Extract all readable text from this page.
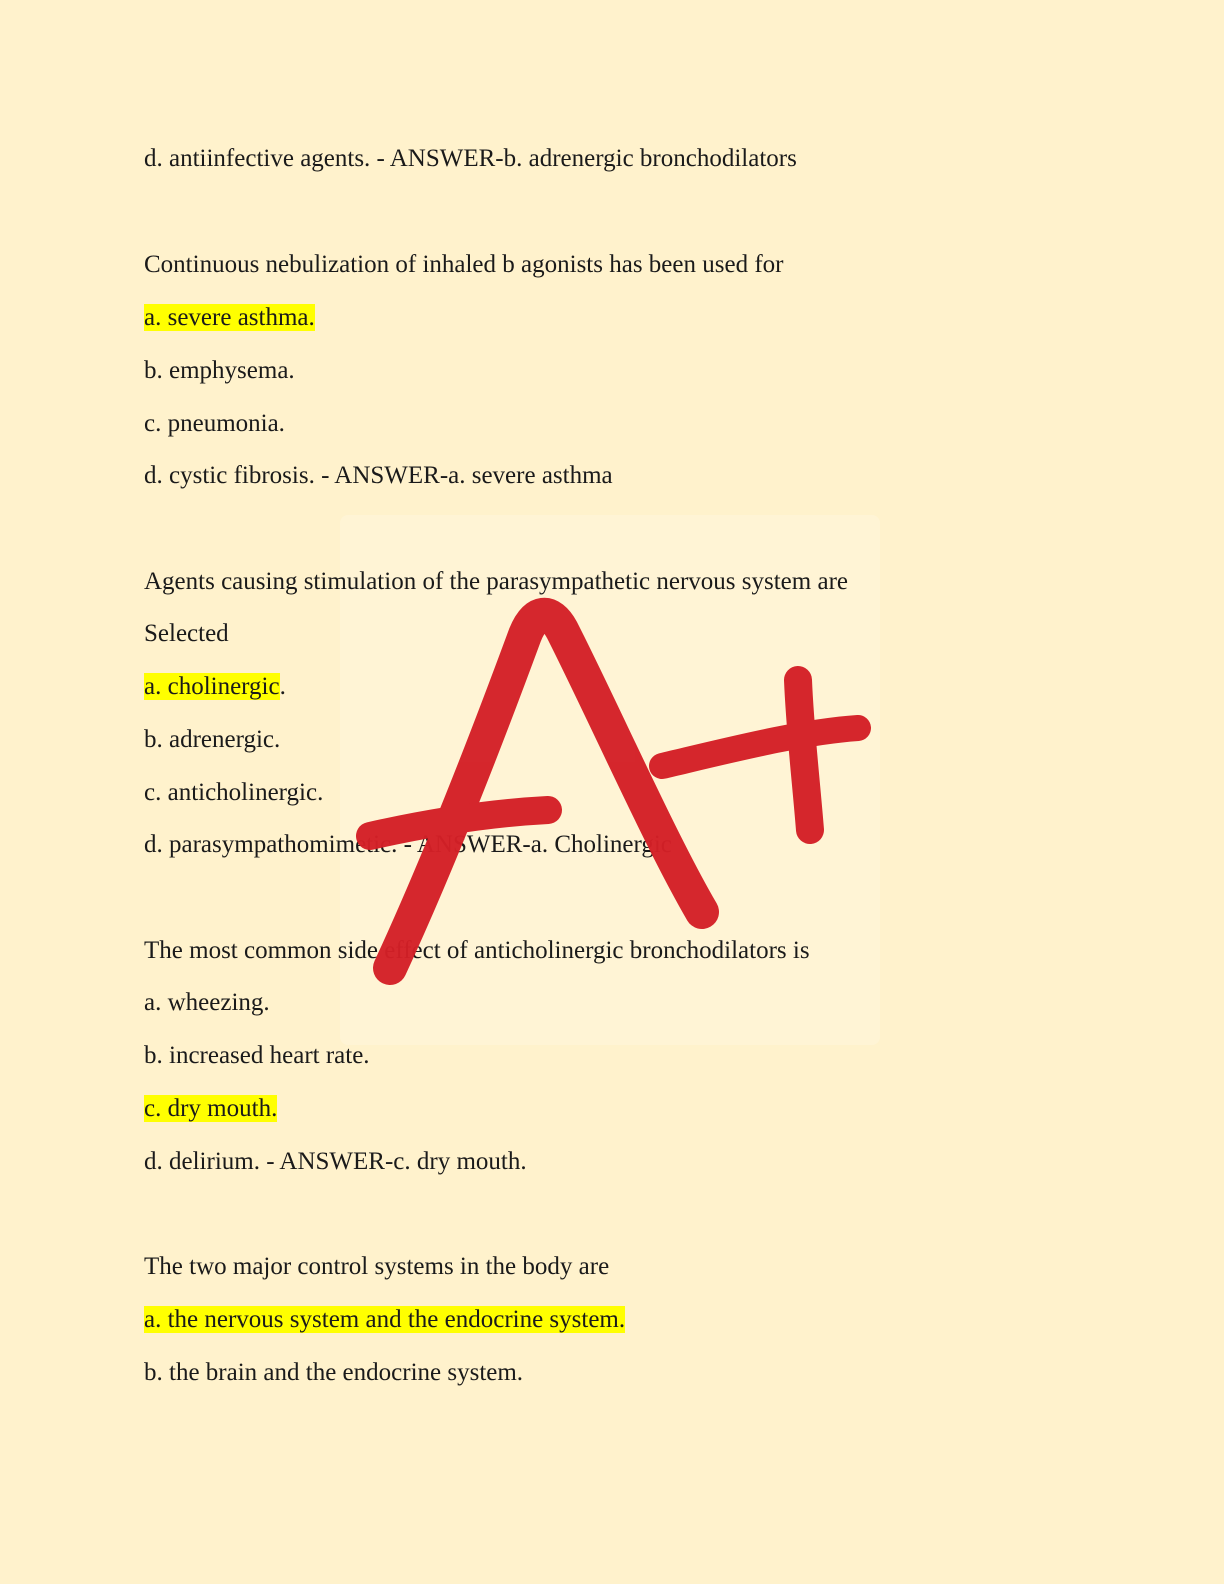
d. antiinfective agents. - ANSWER-b. adrenergic bronchodilators
Continuous nebulization of inhaled b agonists has been used for
a. severe asthma.
b. emphysema.
c. pneumonia.
d. cystic fibrosis. - ANSWER-a. severe asthma
Agents causing stimulation of the parasympathetic nervous system are
Selected
a. cholinergic.
b. adrenergic.
c. anticholinergic.
d. parasympathomimetic. - ANSWER-a. Cholinergic
The most common side effect of anticholinergic bronchodilators is
a. wheezing.
b. increased heart rate.
c. dry mouth.
d. delirium. - ANSWER-c. dry mouth.
The two major control systems in the body are
a. the nervous system and the endocrine system.
b. the brain and the endocrine system.
